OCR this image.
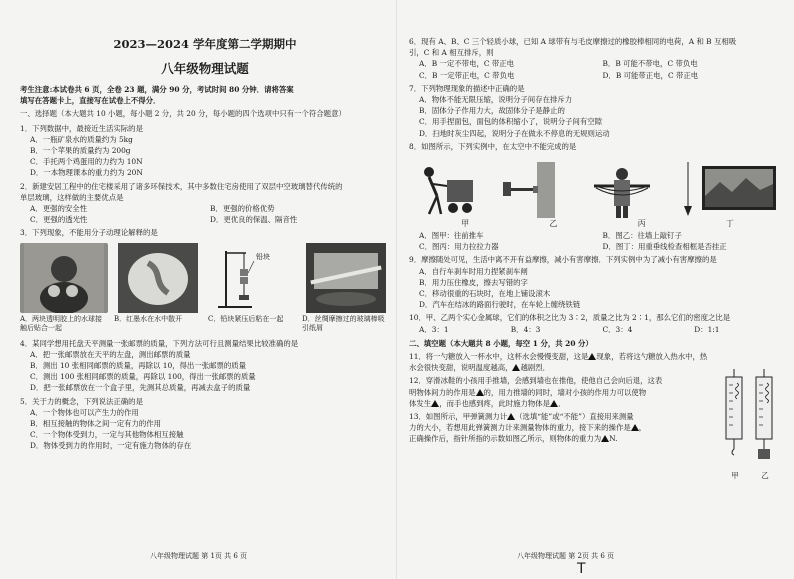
2023—2024 学年度第二学期期中
八年级物理试题
考生注意:本试卷共 6 页，全卷 23 题，满分 90 分，考试时间 80 分钟．请将答案
填写在答题卡上，直接写在试卷上不得分．
一、选择题（本大题共 10 小题，每小题 2 分，共 20 分，每小题的四个选项中只有一个符合题意）
1．下列数据中，最接近生活实际的是
A．一瓶矿泉水的质量约为 5kg
B．一个苹果的质量约为 200g
C．手托两个鸡蛋用的力约为 10N
D．一本物理课本的重力约为 20N
2．新建安居工程中的住宅楼采用了诸多环保技术，其中多数住宅房使用了双层中空玻璃替代传统的
单层玻璃，这样做的主要优点是
A．更强的安全性	B．更强的价格优势
C．更强的透光性	D．更优良的保温、隔音性
3．下列现象，不能用分子动理论解释的是
铅块
A．两块透明胶上的水球接触后贴合一起
B．红墨水在水中散开	C．铅块紧压后粘在一起	D．丝绸摩擦过的玻璃棒吸引纸屑
4．某同学想用托盘天平测量一张邮票的质量，下列方法可行且测量结果比较准确的是
A．把一张邮票放在天平的左盘，测出邮票的质量
B．测出 10 张相同邮票的质量，再除以 10，得出一张邮票的质量
C．测出 100 张相同邮票的质量，再除以 100，得出一张邮票的质量
D．把一张邮票放在一个盒子里，先测其总质量，再减去盒子的质量
5．关于力的概念，下列说法正确的是
A．一个物体也可以产生力的作用
B．相互接触的物体之间一定有力的作用
C．一个物体受到力，一定与其他物体相互接触
D．物体受到力的作用时，一定有施力物体的存在
八年级物理试题 第 1页 共 6 页
6．现有 A、B、C 三个轻质小球，已知 A 球带有与毛皮摩擦过的橡胶棒相同的电荷，A 和 B 互相吸
引，C 和 A 相互排斥，则
A．B 一定不带电，C 带正电	B．B 可能不带电，C 带负电
C．B 一定带正电，C 带负电	D．B 可能带正电，C 带正电
7．下列物理现象的描述中正确的是
A．物体不能无限压缩，说明分子间存在排斥力
B．固体分子作用力大，故固体分子是静止的
C．用手捏面包，面包的体积缩小了，说明分子间有空隙
D．扫地时灰尘四起，说明分子在做永不停息的无规则运动
8．如图所示，下列实例中，在太空中不能完成的是
甲	乙	丙	丁
A．图甲：往前推车	B．图乙：往墙上敲钉子
C．图丙：用力拉拉力器	D．图丁：用重垂线检查相框是否挂正
9．摩擦随处可见，生活中离不开有益摩擦，减小有害摩擦．下列实例中为了减小有害摩擦的是
A．自行车刹车时用力捏紧刹车闸
B．用力压住橡皮，擦去写错的字
C．移动很重的石块时，在地上铺设滚木
D．汽车在结冰的路面行驶时，在车轮上缠绕铁链
10．甲、乙两个实心金属球，它们的体积之比为 3∶2，质量之比为 2∶1，那么它们的密度之比是
A．3：1	B．4：3	C．3：4	D：1:1
二、填空题（本大题共 8 小题，每空 1 分，共 20 分）
11．将一勺糖放入一杯水中，这杯水会慢慢变甜，这是 现象，若将这勺糖放入热水中，热
水会很快变甜，说明温度越高， 越剧烈．
12．穿滑冰鞋的小孩用手推墙，会感到墙也在推他，使他自己会向后退，这表
明物体间力的作用是 的，用力推墙的同时，墙对小孩的作用力可以使物
体发生 ，而手也感到疼，此时施力物体是 ．
13．如图所示，甲弹簧测力计 （选填“能”或“不能”）直接用来测量
力的大小，若想用此弹簧测力计来测量物体的重力，接下来的操作是 ，
正确操作后，指针所指的示数如图乙所示，则物体的重力为 N.
甲	乙
八年级物理试题 第 2页 共 6 页
T
